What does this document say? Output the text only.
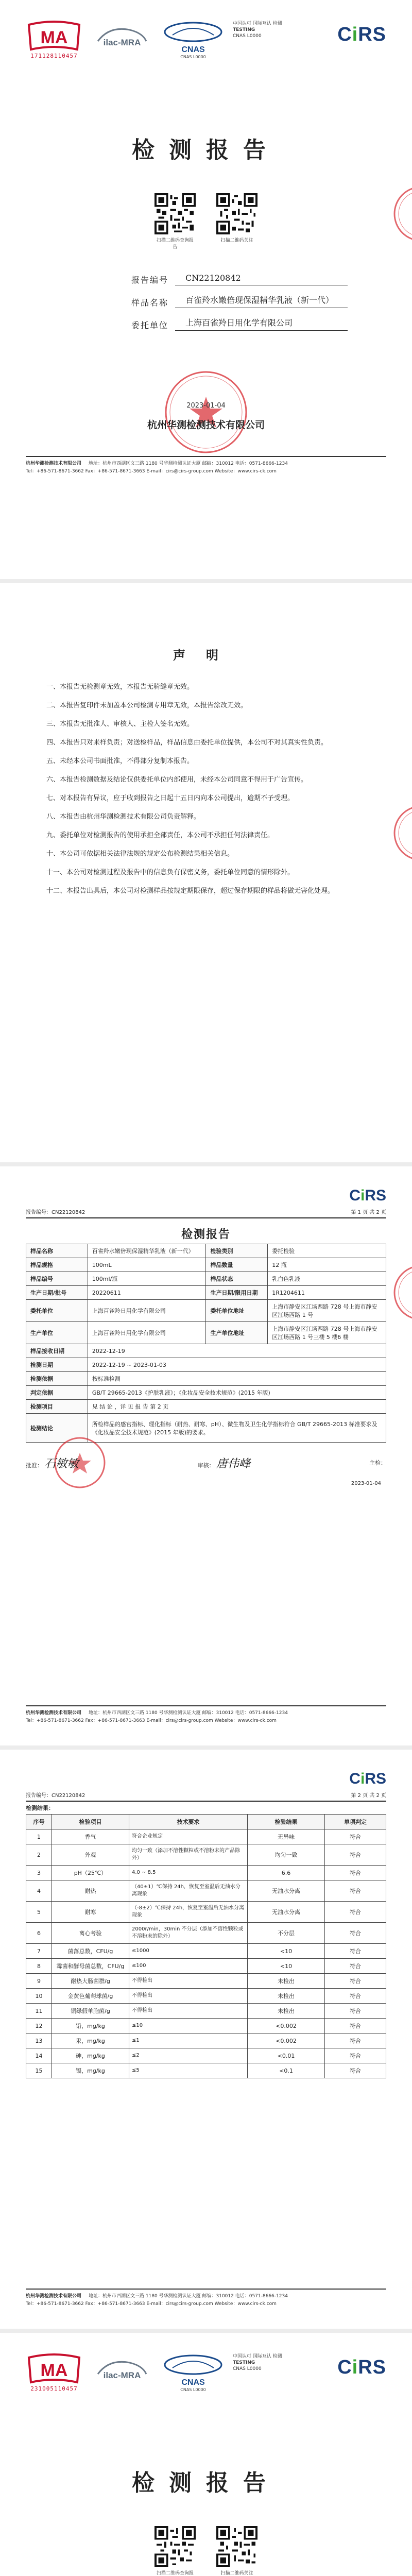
MA
171128110457
ilac-MRA
CNAS
CNAS L0000
中国认可 国际互认 检测
TESTING
CNAS L0000	CiRS
检测报告
扫描二维码查询报告
扫描二维码关注
报告编号	CN22120842
样品名称	百雀羚水嫩倍现保湿精华乳液（新一代）
委托单位	上海百雀羚日用化学有限公司
2023-01-04
杭州华测检测技术有限公司
杭州华测检测技术有限公司 地址：杭州市西湖区文三路 1180 号华测检测认证大厦 邮编：310012 电话：0571-8666-1234
Tel：+86-571-8671-3662 Fax：+86-571-8671-3663 E-mail：cirs@cirs-group.com Website：www.cirs-ck.com
声明
一、本报告无检测章无效，本报告无骑缝章无效。
二、本报告复印件未加盖本公司检测专用章无效，本报告涂改无效。
三、本报告无批准人、审核人、主检人签名无效。
四、本报告只对来样负责；对送检样品，样品信息由委托单位提供，本公司不对其真实性负责。
五、未经本公司书面批准，不得部分复制本报告。
六、本报告检测数据及结论仅供委托单位内部使用，未经本公司同意不得用于广告宣传。
七、对本报告有异议，应于收到报告之日起十五日内向本公司提出，逾期不予受理。
八、本报告由杭州华测检测技术有限公司负责解释。
九、委托单位对检测报告的使用承担全部责任，本公司不承担任何法律责任。
十、本公司可依据相关法律法规的规定公布检测结果相关信息。
十一、本公司对检测过程及报告中的信息负有保密义务，委托单位同意的情形除外。
十二、本报告出具后，本公司对检测样品按规定期限保存，超过保存期限的样品将做无害化处理。
CiRS
报告编号：CN22120842	第 1 页 共 2 页
检测报告
样品名称	百雀羚水嫩倍现保湿精华乳液（新一代）	检验类别	委托检验
样品规格	100mL	样品数量	12 瓶
样品编号	100ml/瓶	样品状态	乳白色乳液
生产日期/批号	20220611	生产日期/限用日期	1R1204611
委托单位	上海百雀羚日用化学有限公司	委托单位地址	上海市静安区江场西路 728 号上海市静安区江场西路 1 号
生产单位	上海百雀羚日用化学有限公司	生产单位地址	上海市静安区江场西路 728 号上海市静安区江场西路 1 号三楼 5 楼6 楼
样品接收日期	2022-12-19		
检测日期	2022-12-19 ~ 2023-01-03		
检测依据	按标准检测		
判定依据	GB/T 29665-2013《护肤乳液》；《化妆品安全技术规范》(2015 年版)		
检测项目	见 结 论 ，详 见 报 告 第 2 页		
检测结论	所检样品的感官指标、理化指标（耐热、耐寒、pH）、微生物及卫生化学指标符合 GB/T 29665-2013 标准要求及《化妆品安全技术规范》(2015 年版)的要求。		
批准： 石敏敏	审核： 唐伟峰	主检：
2023-01-04
杭州华测检测技术有限公司 地址：杭州市西湖区文三路 1180 号华测检测认证大厦 邮编：310012 电话：0571-8666-1234
Tel：+86-571-8671-3662 Fax：+86-571-8671-3663 E-mail：cirs@cirs-group.com Website：www.cirs-ck.com
CiRS
报告编号：CN22120842	第 2 页 共 2 页
检测结果：
序号	检验项目	技术要求	检验结果	单项判定
1	香气	符合企业规定	无异味	符合
2	外观	均匀一致（添加不溶性颗粒或不溶粉末的产品除外）	均匀一致	符合
3	pH（25℃）	4.0 ~ 8.5	6.6	符合
4	耐热	（40±1）℃保持 24h，恢复至室温后无油水分离现象	无油水分离	符合
5	耐寒	（-8±2）℃保持 24h，恢复至室温后无油水分离现象	无油水分离	符合
6	离心考验	2000r/min，30min 不分层（添加不溶性颗粒或不溶粉末的除外）	不分层	符合
7	菌落总数，CFU/g	≤1000	<10	符合
8	霉菌和酵母菌总数，CFU/g	≤100	<10	符合
9	耐热大肠菌群/g	不得检出	未检出	符合
10	金黄色葡萄球菌/g	不得检出	未检出	符合
11	铜绿假单胞菌/g	不得检出	未检出	符合
12	铅，mg/kg	≤10	<0.002	符合
13	汞，mg/kg	≤1	<0.002	符合
14	砷，mg/kg	≤2	<0.01	符合
15	镉，mg/kg	≤5	<0.1	符合
杭州华测检测技术有限公司 地址：杭州市西湖区文三路 1180 号华测检测认证大厦 邮编：310012 电话：0571-8666-1234
Tel：+86-571-8671-3662 Fax：+86-571-8671-3663 E-mail：cirs@cirs-group.com Website：www.cirs-ck.com
MA
231005110457
ilac-MRA
CNAS
CNAS L0000
中国认可 国际互认 检测
TESTING
CNAS L0000	CiRS
检测报告
扫描二维码查询报	扫描二维码关注
